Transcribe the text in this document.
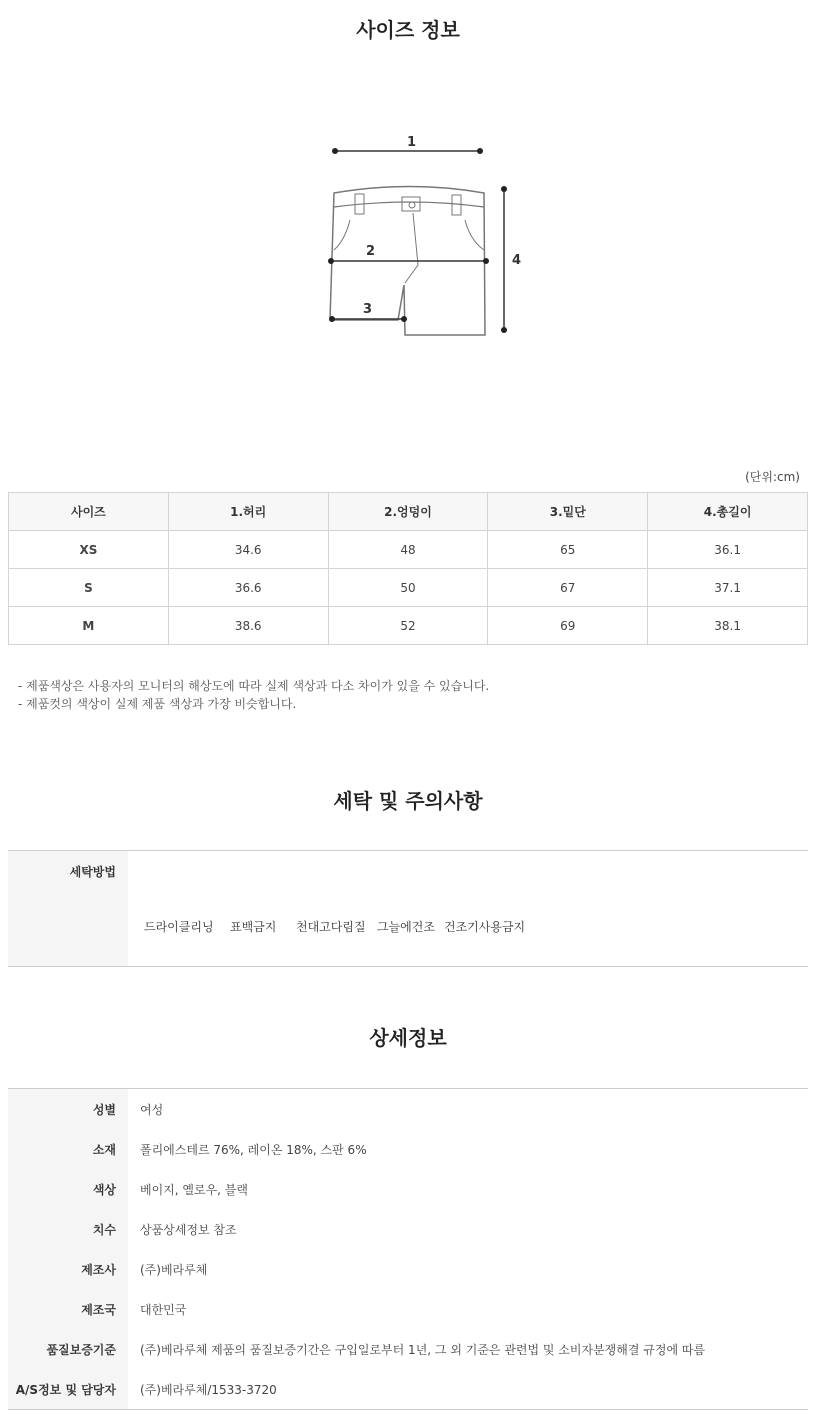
사이즈 정보
1
2
3
4
(단위:cm)
사이즈	1.허리	2.엉덩이	3.밑단	4.총길이
XS	34.6	48	65	36.1
S	36.6	50	67	37.1
M	38.6	52	69	38.1
- 제품색상은 사용자의 모니터의 해상도에 따라 실제 색상과 다소 차이가 있을 수 있습니다.
- 제품컷의 색상이 실제 제품 색상과 가장 비슷합니다.
세탁 및 주의사항
세탁방법
드라이클리닝 표백금지 천대고다림질 그늘에건조 건조기사용금지
상세정보
성별	여성
소재	폴리에스테르 76%, 레이온 18%, 스판 6%
색상	베이지, 옐로우, 블랙
치수	상품상세정보 참조
제조사	(주)베라루체
제조국	대한민국
품질보증기준	(주)베라루체 제품의 품질보증기간은 구입일로부터 1년, 그 외 기준은 관련법 및 소비자분쟁해결 규정에 따름
A/S정보 및 담당자	(주)베라루체/1533-3720
